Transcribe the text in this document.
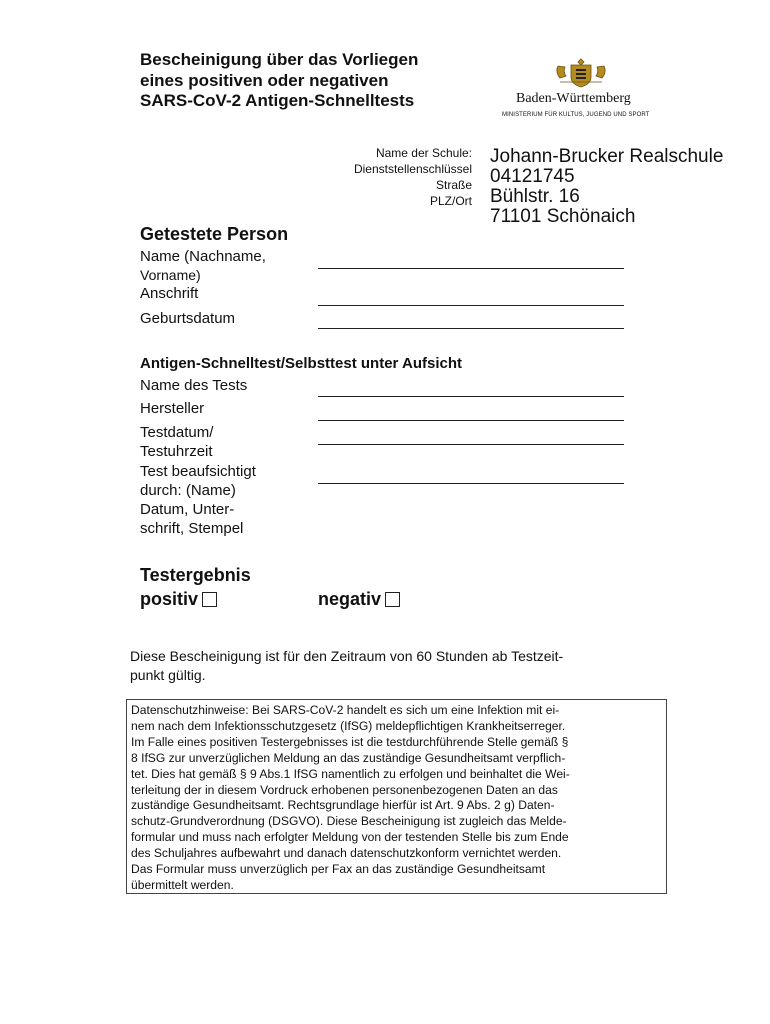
Bescheinigung über das Vorliegen
eines positiven oder negativen
SARS-CoV-2 Antigen-Schnelltests	Baden-Württemberg
MINISTERIUM FÜR KULTUS, JUGEND UND SPORT
Name der Schule:
Dienststellenschlüssel
Straße
PLZ/Ort
Johann-Brucker Realschule
04121745
Bühlstr. 16
71101 Schönaich
Getestete Person
Name (Nachname,
Vorname)
Anschrift
Geburtsdatum
Antigen-Schnelltest/Selbsttest unter Aufsicht
Name des Tests
Hersteller
Testdatum/
Testuhrzeit
Test beaufsichtigt
durch: (Name)
Datum, Unter-
schrift, Stempel
Testergebnis
positiv	negativ
Diese Bescheinigung ist für den Zeitraum von 60 Stunden ab Testzeit-
punkt gültig.
Datenschutzhinweise: Bei SARS-CoV-2 handelt es sich um eine Infektion mit ei-
nem nach dem Infektionsschutzgesetz (IfSG) meldepflichtigen Krankheitserreger.
Im Falle eines positiven Testergebnisses ist die testdurchführende Stelle gemäß §
8 IfSG zur unverzüglichen Meldung an das zuständige Gesundheitsamt verpflich-
tet. Dies hat gemäß § 9 Abs.1 IfSG namentlich zu erfolgen und beinhaltet die Wei-
terleitung der in diesem Vordruck erhobenen personenbezogenen Daten an das
zuständige Gesundheitsamt. Rechtsgrundlage hierfür ist Art. 9 Abs. 2 g) Daten-
schutz-Grundverordnung (DSGVO). Diese Bescheinigung ist zugleich das Melde-
formular und muss nach erfolgter Meldung von der testenden Stelle bis zum Ende
des Schuljahres aufbewahrt und danach datenschutzkonform vernichtet werden.
Das Formular muss unverzüglich per Fax an das zuständige Gesundheitsamt
übermittelt werden.
